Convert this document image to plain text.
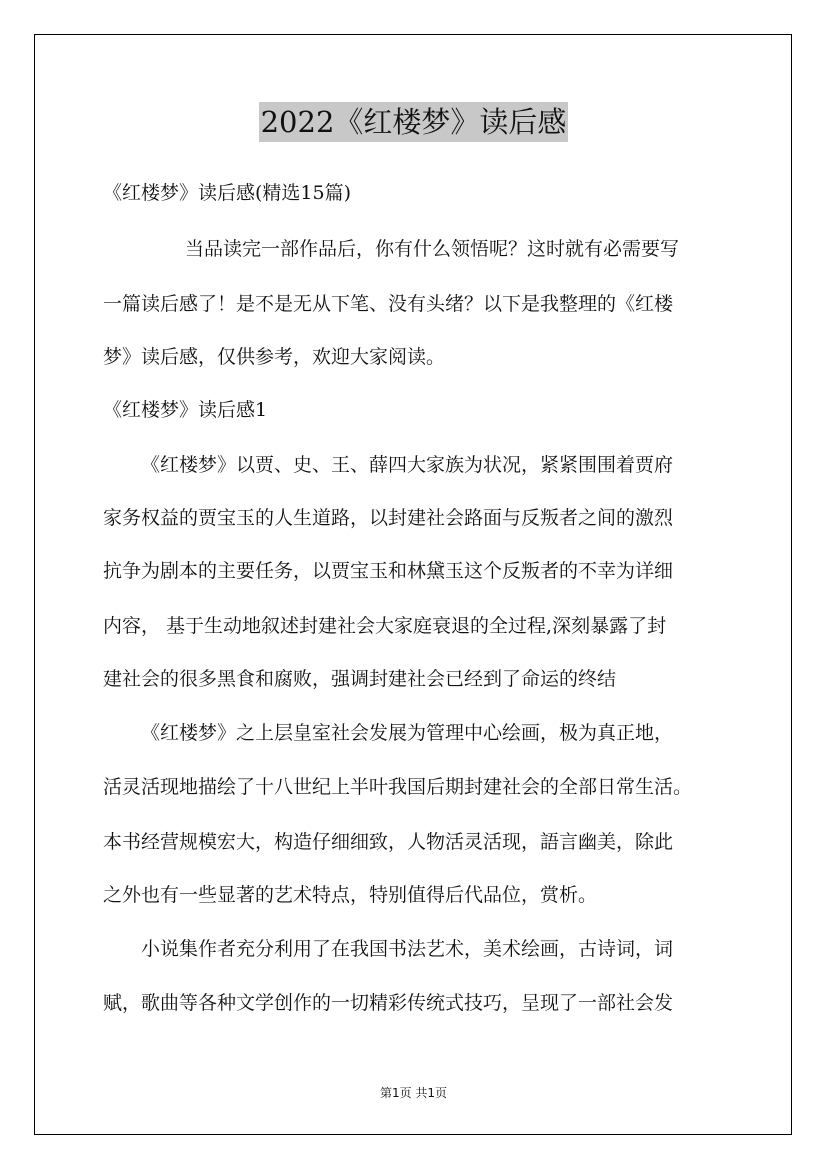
2022《红楼梦》读后感
《红楼梦》读后感(精选15篇)
当品读完一部作品后，你有什么领悟呢？这时就有必需要写
一篇读后感了！是不是无从下笔、没有头绪？以下是我整理的《红楼
梦》读后感，仅供参考，欢迎大家阅读。
《红楼梦》读后感1
《红楼梦》以贾、史、王、薛四大家族为状况，紧紧围围着贾府
家务权益的贾宝玉的人生道路，以封建社会路面与反叛者之间的激烈
抗争为剧本的主要任务，以贾宝玉和林黛玉这个反叛者的不幸为详细
内容， 基于生动地叙述封建社会大家庭衰退的全过程,深刻暴露了封
建社会的很多黑食和腐败，强调封建社会已经到了命运的终结
《红楼梦》之上层皇室社会发展为管理中心绘画，极为真正地，
活灵活现地描绘了十八世纪上半叶我国后期封建社会的全部日常生活。
本书经营规模宏大，构造仔细细致，人物活灵活现，語言幽美，除此
之外也有一些显著的艺术特点，特别值得后代品位，赏析。
小说集作者充分利用了在我国书法艺术，美术绘画，古诗词，词
赋，歌曲等各种文学创作的一切精彩传统式技巧，呈现了一部社会发
第1页 共1页
